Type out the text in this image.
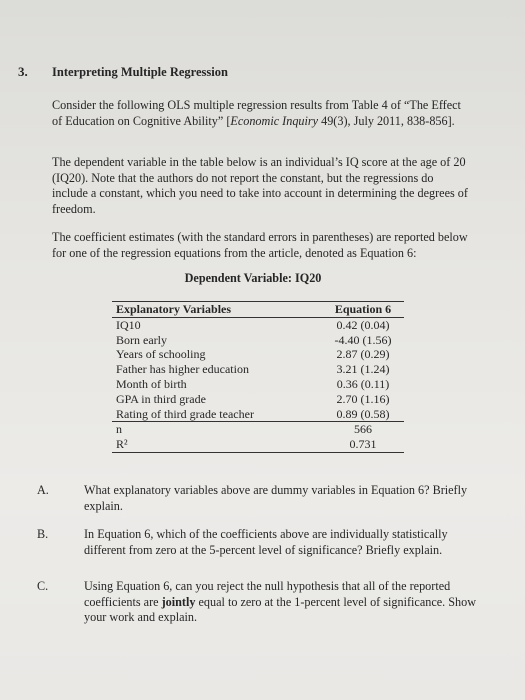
3. Interpreting Multiple Regression
Consider the following OLS multiple regression results from Table 4 of “The Effect of Education on Cognitive Ability” [Economic Inquiry 49(3), July 2011, 838-856].
The dependent variable in the table below is an individual’s IQ score at the age of 20 (IQ20). Note that the authors do not report the constant, but the regressions do include a constant, which you need to take into account in determining the degrees of freedom.
The coefficient estimates (with the standard errors in parentheses) are reported below for one of the regression equations from the article, denoted as Equation 6:
Dependent Variable: IQ20
Explanatory Variables	Equation 6
IQ10	0.42 (0.04)
Born early	-4.40 (1.56)
Years of schooling	2.87 (0.29)
Father has higher education	3.21 (1.24)
Month of birth	0.36 (0.11)
GPA in third grade	2.70 (1.16)
Rating of third grade teacher	0.89 (0.58)
n	566
R²	0.731
A.	What explanatory variables above are dummy variables in Equation 6? Briefly explain.
B.	In Equation 6, which of the coefficients above are individually statistically different from zero at the 5-percent level of significance? Briefly explain.
C.	Using Equation 6, can you reject the null hypothesis that all of the reported coefficients are jointly equal to zero at the 1-percent level of significance. Show your work and explain.
